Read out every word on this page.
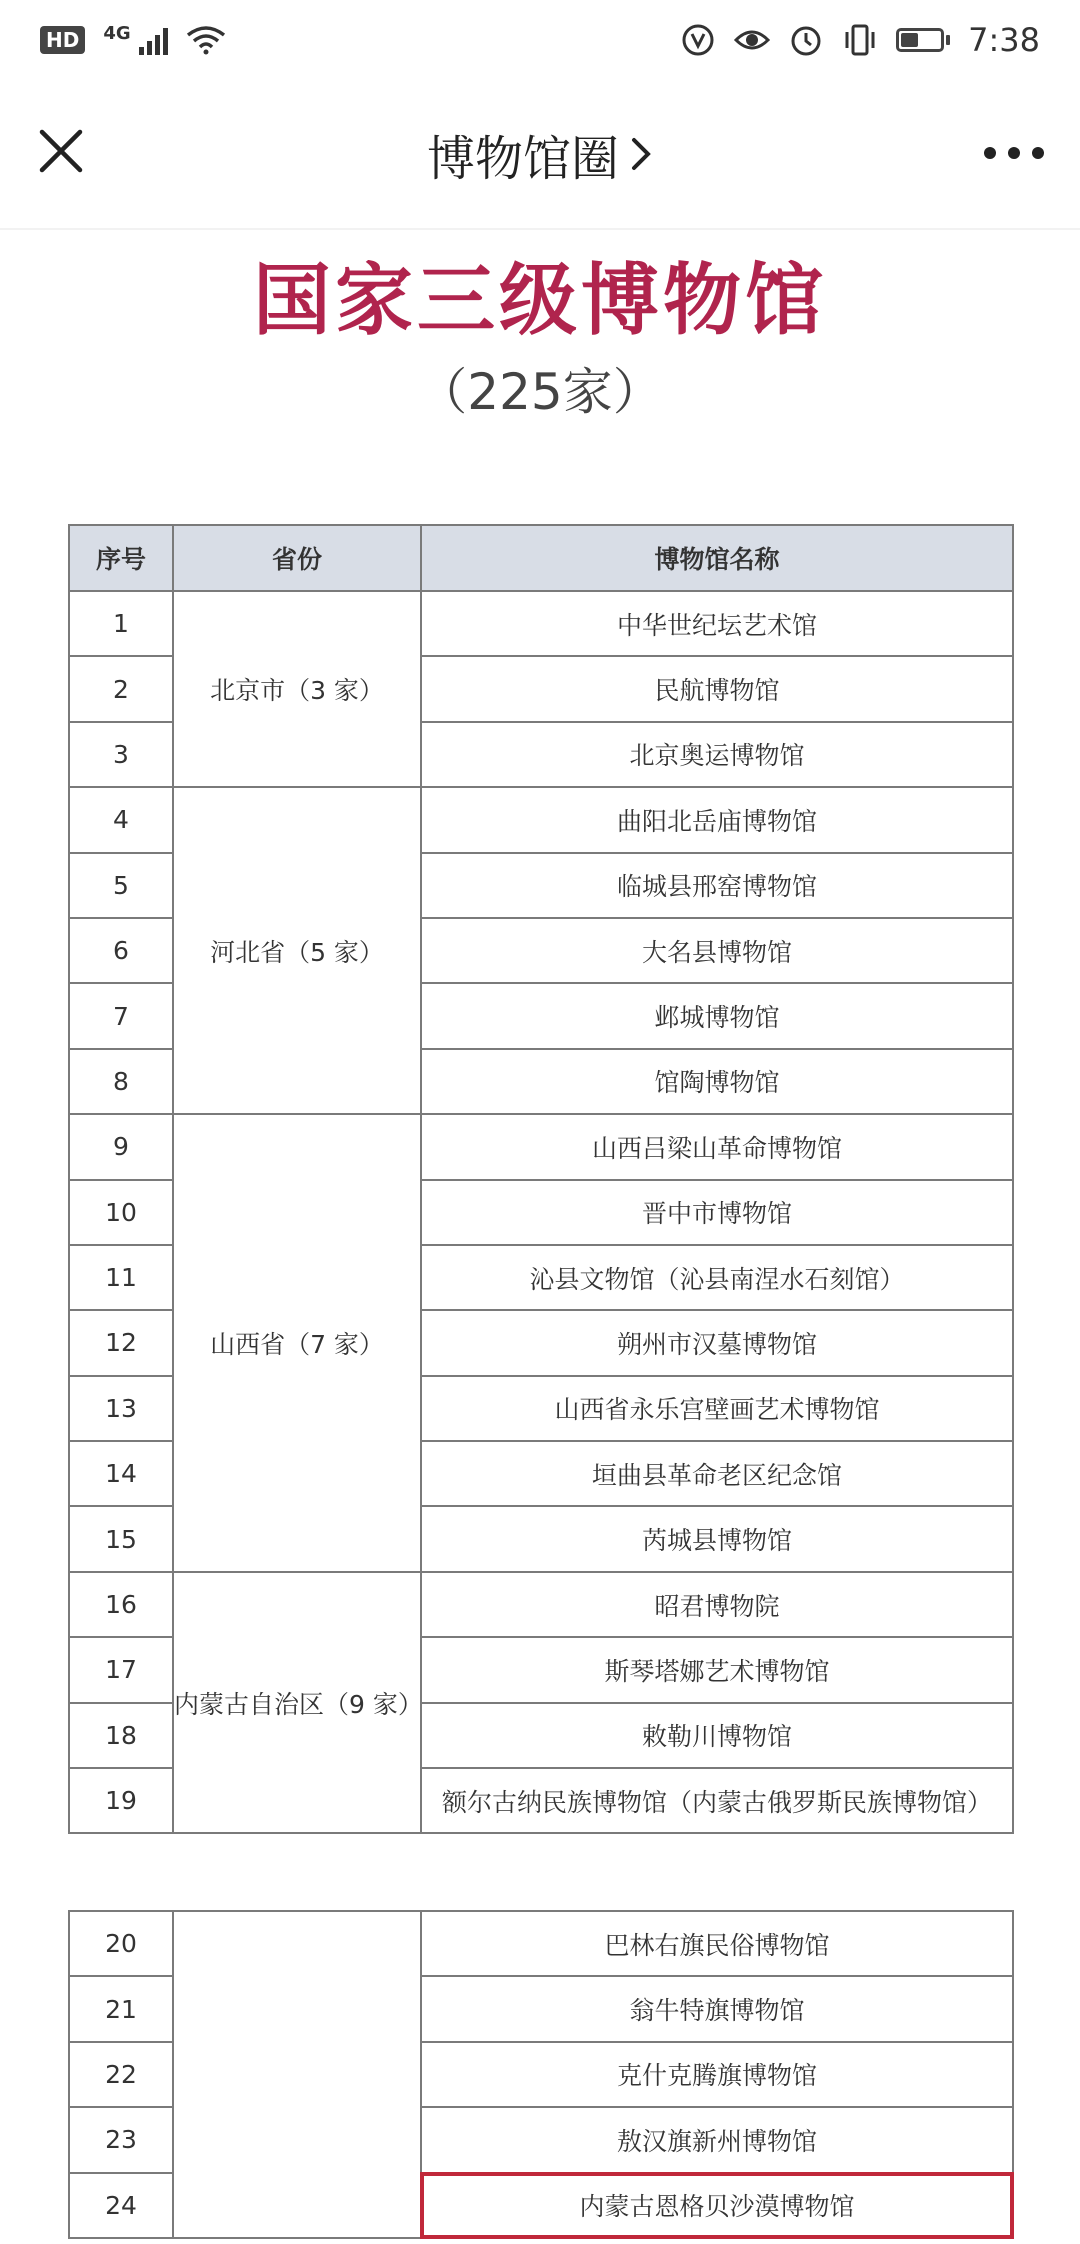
HD	4G	7:38
博物馆圈
国家三级博物馆
（225家）
序号	省份	博物馆名称
1	北京市（3 家）	中华世纪坛艺术馆
2		民航博物馆
3		北京奥运博物馆
4	河北省（5 家）	曲阳北岳庙博物馆
5		临城县邢窑博物馆
6		大名县博物馆
7		邺城博物馆
8		馆陶博物馆
9	山西省（7 家）	山西吕梁山革命博物馆
10		晋中市博物馆
11		沁县文物馆（沁县南涅水石刻馆）
12		朔州市汉墓博物馆
13		山西省永乐宫壁画艺术博物馆
14		垣曲县革命老区纪念馆
15		芮城县博物馆
16	内蒙古自治区（9 家）	昭君博物院
17		斯琴塔娜艺术博物馆
18		敕勒川博物馆
19		额尔古纳民族博物馆（内蒙古俄罗斯民族博物馆）
20		巴林右旗民俗博物馆
21		翁牛特旗博物馆
22		克什克腾旗博物馆
23		敖汉旗新州博物馆
24		内蒙古恩格贝沙漠博物馆
